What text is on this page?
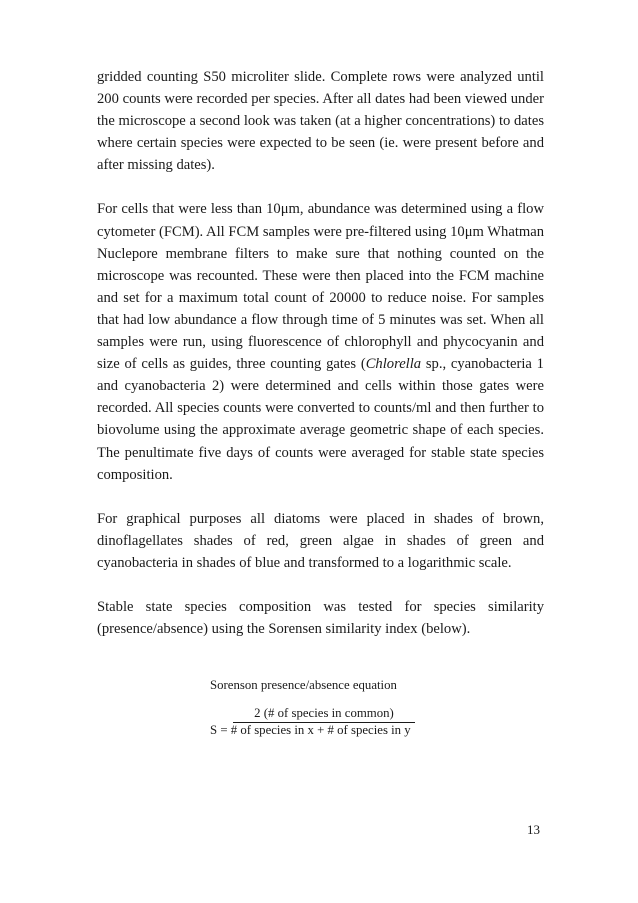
gridded counting S50 microliter slide. Complete rows were analyzed until 200 counts were recorded per species. After all dates had been viewed under the microscope a second look was taken (at a higher concentrations) to dates where certain species were expected to be seen (ie. were present before and after missing dates).

For cells that were less than 10μm, abundance was determined using a flow cytometer (FCM). All FCM samples were pre-filtered using 10μm Whatman Nuclepore membrane filters to make sure that nothing counted on the microscope was recounted. These were then placed into the FCM machine and set for a maximum total count of 20000 to reduce noise. For samples that had low abundance a flow through time of 5 minutes was set. When all samples were run, using fluorescence of chlorophyll and phycocyanin and size of cells as guides, three counting gates (Chlorella sp., cyanobacteria 1 and cyanobacteria 2) were determined and cells within those gates were recorded. All species counts were converted to counts/ml and then further to biovolume using the approximate average geometric shape of each species. The penultimate five days of counts were averaged for stable state species composition.

For graphical purposes all diatoms were placed in shades of brown, dinoflagellates shades of red, green algae in shades of green and cyanobacteria in shades of blue and transformed to a logarithmic scale.

Stable state species composition was tested for species similarity (presence/absence) using the Sorensen similarity index (below).

Sorenson presence/absence equation
2 (# of species in common)
S = # of species in x + # of species in y
13
